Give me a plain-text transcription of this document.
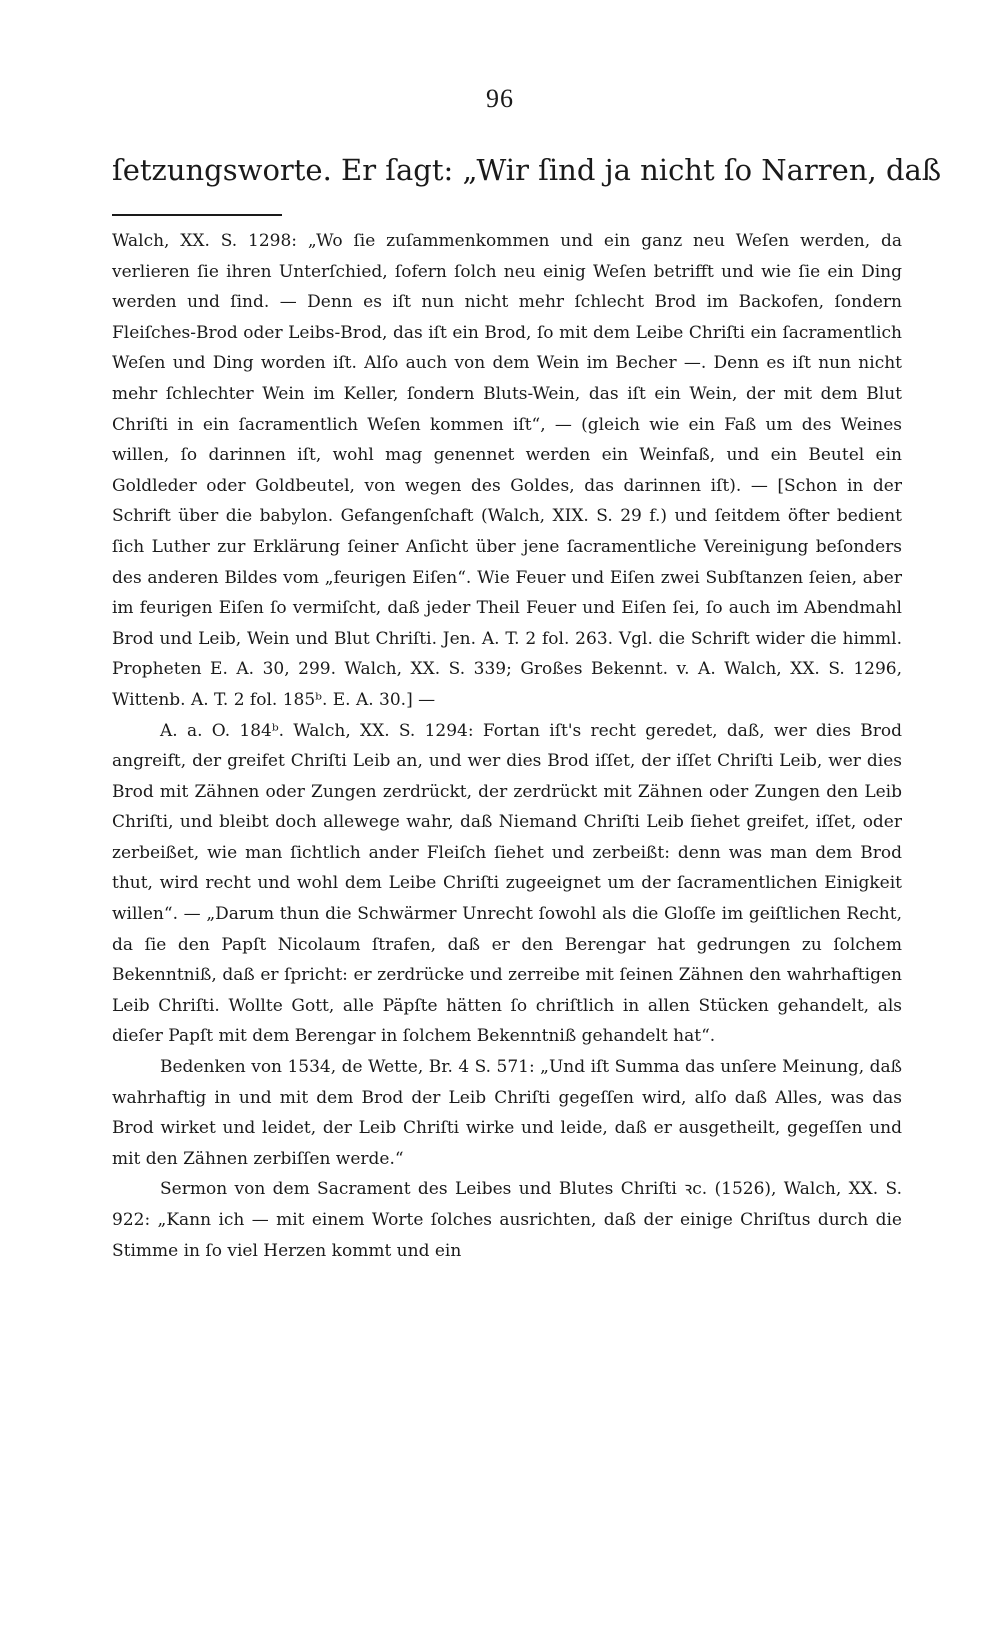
96
ſetzungsworte. Er ſagt: „Wir ſind ja nicht ſo Narren, daß

Walch, XX. S. 1298: „Wo ſie zuſammenkommen und ein ganz neu Weſen werden, da verlieren ſie ihren Unterſchied, ſofern ſolch neu einig Weſen betrifft und wie ſie ein Ding werden und ſind. — Denn es iſt nun nicht mehr ſchlecht Brod im Backofen, ſondern Fleiſches-Brod oder Leibs-Brod, das iſt ein Brod, ſo mit dem Leibe Chriſti ein ſacramentlich Weſen und Ding worden iſt. Alſo auch von dem Wein im Becher —. Denn es iſt nun nicht mehr ſchlechter Wein im Keller, ſondern Bluts-Wein, das iſt ein Wein, der mit dem Blut Chriſti in ein ſacramentlich Weſen kommen iſt“, — (gleich wie ein Faß um des Weines willen, ſo darinnen iſt, wohl mag genennet werden ein Weinfaß, und ein Beutel ein Goldleder oder Goldbeutel, von wegen des Goldes, das darinnen iſt). — [Schon in der Schrift über die babylon. Gefangenſchaft (Walch, XIX. S. 29 f.) und ſeitdem öfter bedient ſich Luther zur Erklärung ſeiner Anſicht über jene ſacramentliche Vereinigung beſonders des anderen Bildes vom „feurigen Eiſen“. Wie Feuer und Eiſen zwei Subſtanzen ſeien, aber im feurigen Eiſen ſo vermiſcht, daß jeder Theil Feuer und Eiſen ſei, ſo auch im Abendmahl Brod und Leib, Wein und Blut Chriſti. Jen. A. T. 2 fol. 263. Vgl. die Schrift wider die himml. Propheten E. A. 30, 299. Walch, XX. S. 339; Großes Bekennt. v. A. Walch, XX. S. 1296, Wittenb. A. T. 2 fol. 185ᵇ. E. A. 30.] —

A. a. O. 184ᵇ. Walch, XX. S. 1294: Fortan iſt's recht geredet, daß, wer dies Brod angreift, der greifet Chriſti Leib an, und wer dies Brod iſſet, der iſſet Chriſti Leib, wer dies Brod mit Zähnen oder Zungen zerdrückt, der zerdrückt mit Zähnen oder Zungen den Leib Chriſti, und bleibt doch allewege wahr, daß Niemand Chriſti Leib ſiehet greifet, iſſet, oder zerbeißet, wie man ſichtlich ander Fleiſch ſiehet und zerbeißt: denn was man dem Brod thut, wird recht und wohl dem Leibe Chriſti zugeeignet um der ſacramentlichen Einigkeit willen“. — „Darum thun die Schwärmer Unrecht ſowohl als die Gloſſe im geiſtlichen Recht, da ſie den Papſt Nicolaum ſtrafen, daß er den Berengar hat gedrungen zu ſolchem Bekenntniß, daß er ſpricht: er zerdrücke und zerreibe mit ſeinen Zähnen den wahrhaftigen Leib Chriſti. Wollte Gott, alle Päpſte hätten ſo chriſtlich in allen Stücken gehandelt, als dieſer Papſt mit dem Berengar in ſolchem Bekenntniß gehandelt hat“.

Bedenken von 1534, de Wette, Br. 4 S. 571: „Und iſt Summa das unſere Meinung, daß wahrhaftig in und mit dem Brod der Leib Chriſti gegeſſen wird, alſo daß Alles, was das Brod wirket und leidet, der Leib Chriſti wirke und leide, daß er ausgetheilt, gegeſſen und mit den Zähnen zerbiſſen werde.“

Sermon von dem Sacrament des Leibes und Blutes Chriſti ꝛc. (1526), Walch, XX. S. 922: „Kann ich — mit einem Worte ſolches ausrichten, daß der einige Chriſtus durch die Stimme in ſo viel Herzen kommt und ein
